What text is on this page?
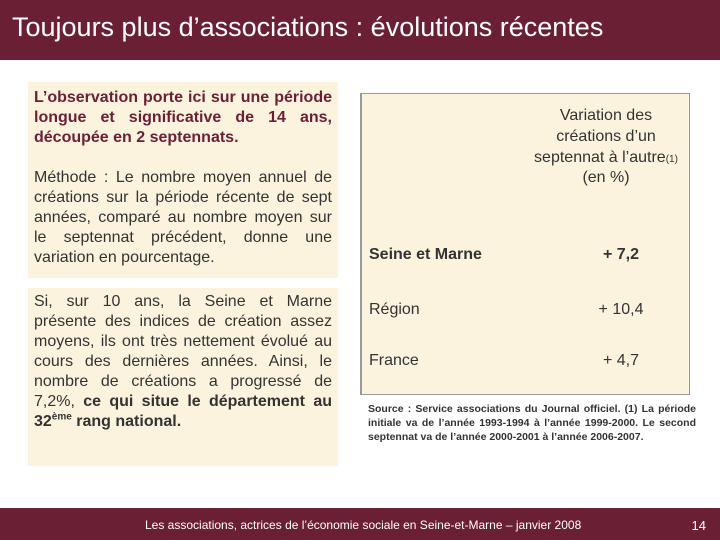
Toujours plus d’associations : évolutions récentes

L’observation porte ici sur une période longue et significative de 14 ans, découpée en 2 septennats.

Méthode : Le nombre moyen annuel de créations sur la période récente de sept années, comparé au nombre moyen sur le septennat précédent, donne une variation en pourcentage.

Si, sur 10 ans, la Seine et Marne présente des indices de création assez moyens, ils ont très nettement évolué au cours des dernières années. Ainsi, le nombre de créations a progressé de 7,2%, ce qui situe le département au 32ème rang national.
Variation des créations d’un septennat à l’autre(1)
(en %)
Seine et Marne	+ 7,2
Région	+ 10,4
France	+ 4,7
Source : Service associations du Journal officiel. (1) La période initiale va de l’année 1993-1994 à l’année 1999-2000. Le second septennat va de l’année 2000-2001 à l’année 2006-2007.
Les associations, actrices de l’économie sociale en Seine-et-Marne – janvier 2008	14
